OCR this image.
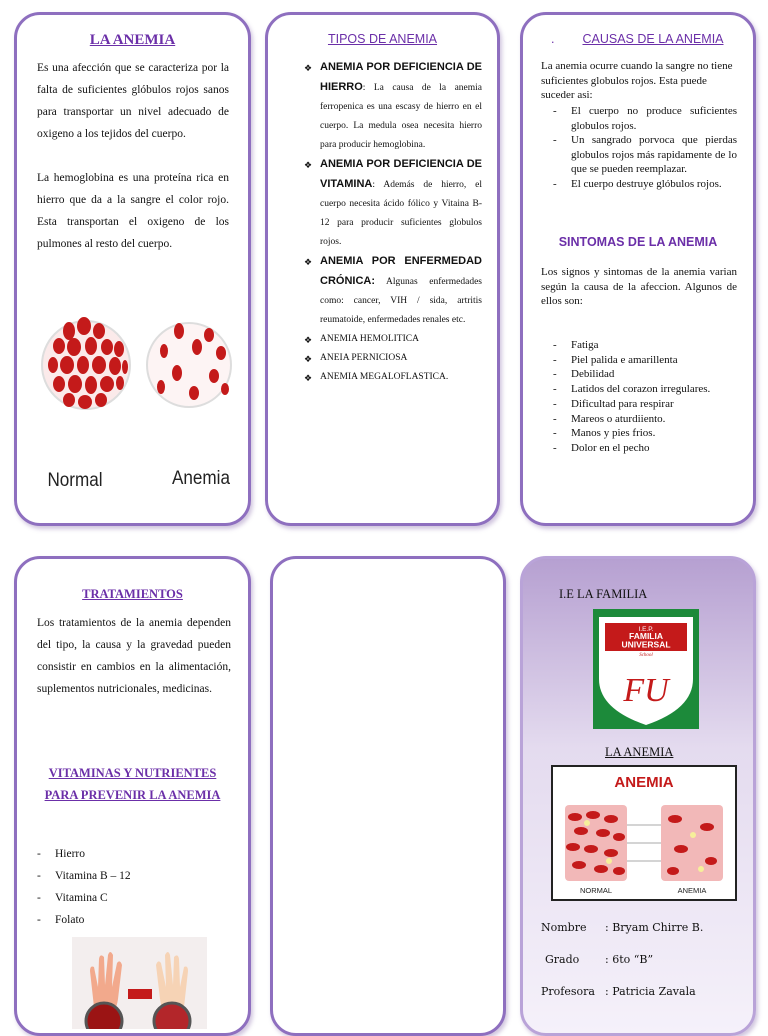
LA ANEMIA

Es una afección que se caracteriza por la falta de suficientes glóbulos rojos sanos para transportar un nivel adecuado de oxigeno a los tejidos del cuerpo.

La hemoglobina es una proteína rica en hierro que da a la sangre el color rojo. Esta transportan el oxigeno de los pulmones al resto del cuerpo.

Normal	Anemia
TIPOS DE ANEMIA
❖ ANEMIA POR DEFICIENCIA DE HIERRO: La causa de la anemia ferropenica es una escasy de hierro en el cuerpo. La medula osea necesita hierro para producir hemoglobina.
❖ ANEMIA POR DEFICIENCIA DE VITAMINA: Además de hierro, el cuerpo necesita ácido fólico y Vitaina B-12 para producir suficientes globulos rojos.
❖ ANEMIA POR ENFERMEDAD CRÓNICA: Algunas enfermedades como: cancer, VIH / sida, artritis reumatoide, enfermedades renales etc.
❖ ANEMIA HEMOLITICA
❖ ANEIA PERNICIOSA
❖ ANEMIA MEGALOFLASTICA.
.	CAUSAS DE LA ANEMIA

La anemia ocurre cuando la sangre no tiene suficientes globulos rojos. Esta puede suceder asi:

- El cuerpo no produce suficientes globulos rojos.
- Un sangrado porvoca que pierdas globulos rojos más rapidamente de lo que se pueden reemplazar.
- El cuerpo destruye glóbulos rojos.
SINTOMAS DE LA ANEMIA

Los signos y sintomas de la anemia varian según la causa de la afeccion. Algunos de ellos son:

- Fatiga
- Piel palida e amarillenta
- Debilidad
- Latidos del corazon irregulares.
- Dificultad para respirar
- Mareos o aturdiiento.
- Manos y pies frios.
- Dolor en el pecho
TRATAMIENTOS

Los tratamientos de la anemia dependen del tipo, la causa y la gravedad pueden consistir en cambios en la alimentación, suplementos nutricionales, medicinas.

VITAMINAS Y NUTRIENTES
PARA PREVENIR LA ANEMIA
- Hierro
- Vitamina B – 12
- Vitamina C
- Folato
I.E LA FAMILIA
I.E.P.
FAMILIA
UNIVERSAL
School
FU
LA ANEMIA
ANEMIA
NORMAL	ANEMIA
Nombre : Bryam Chirre B.
Grado : 6to “B”
Profesora : Patricia Zavala
